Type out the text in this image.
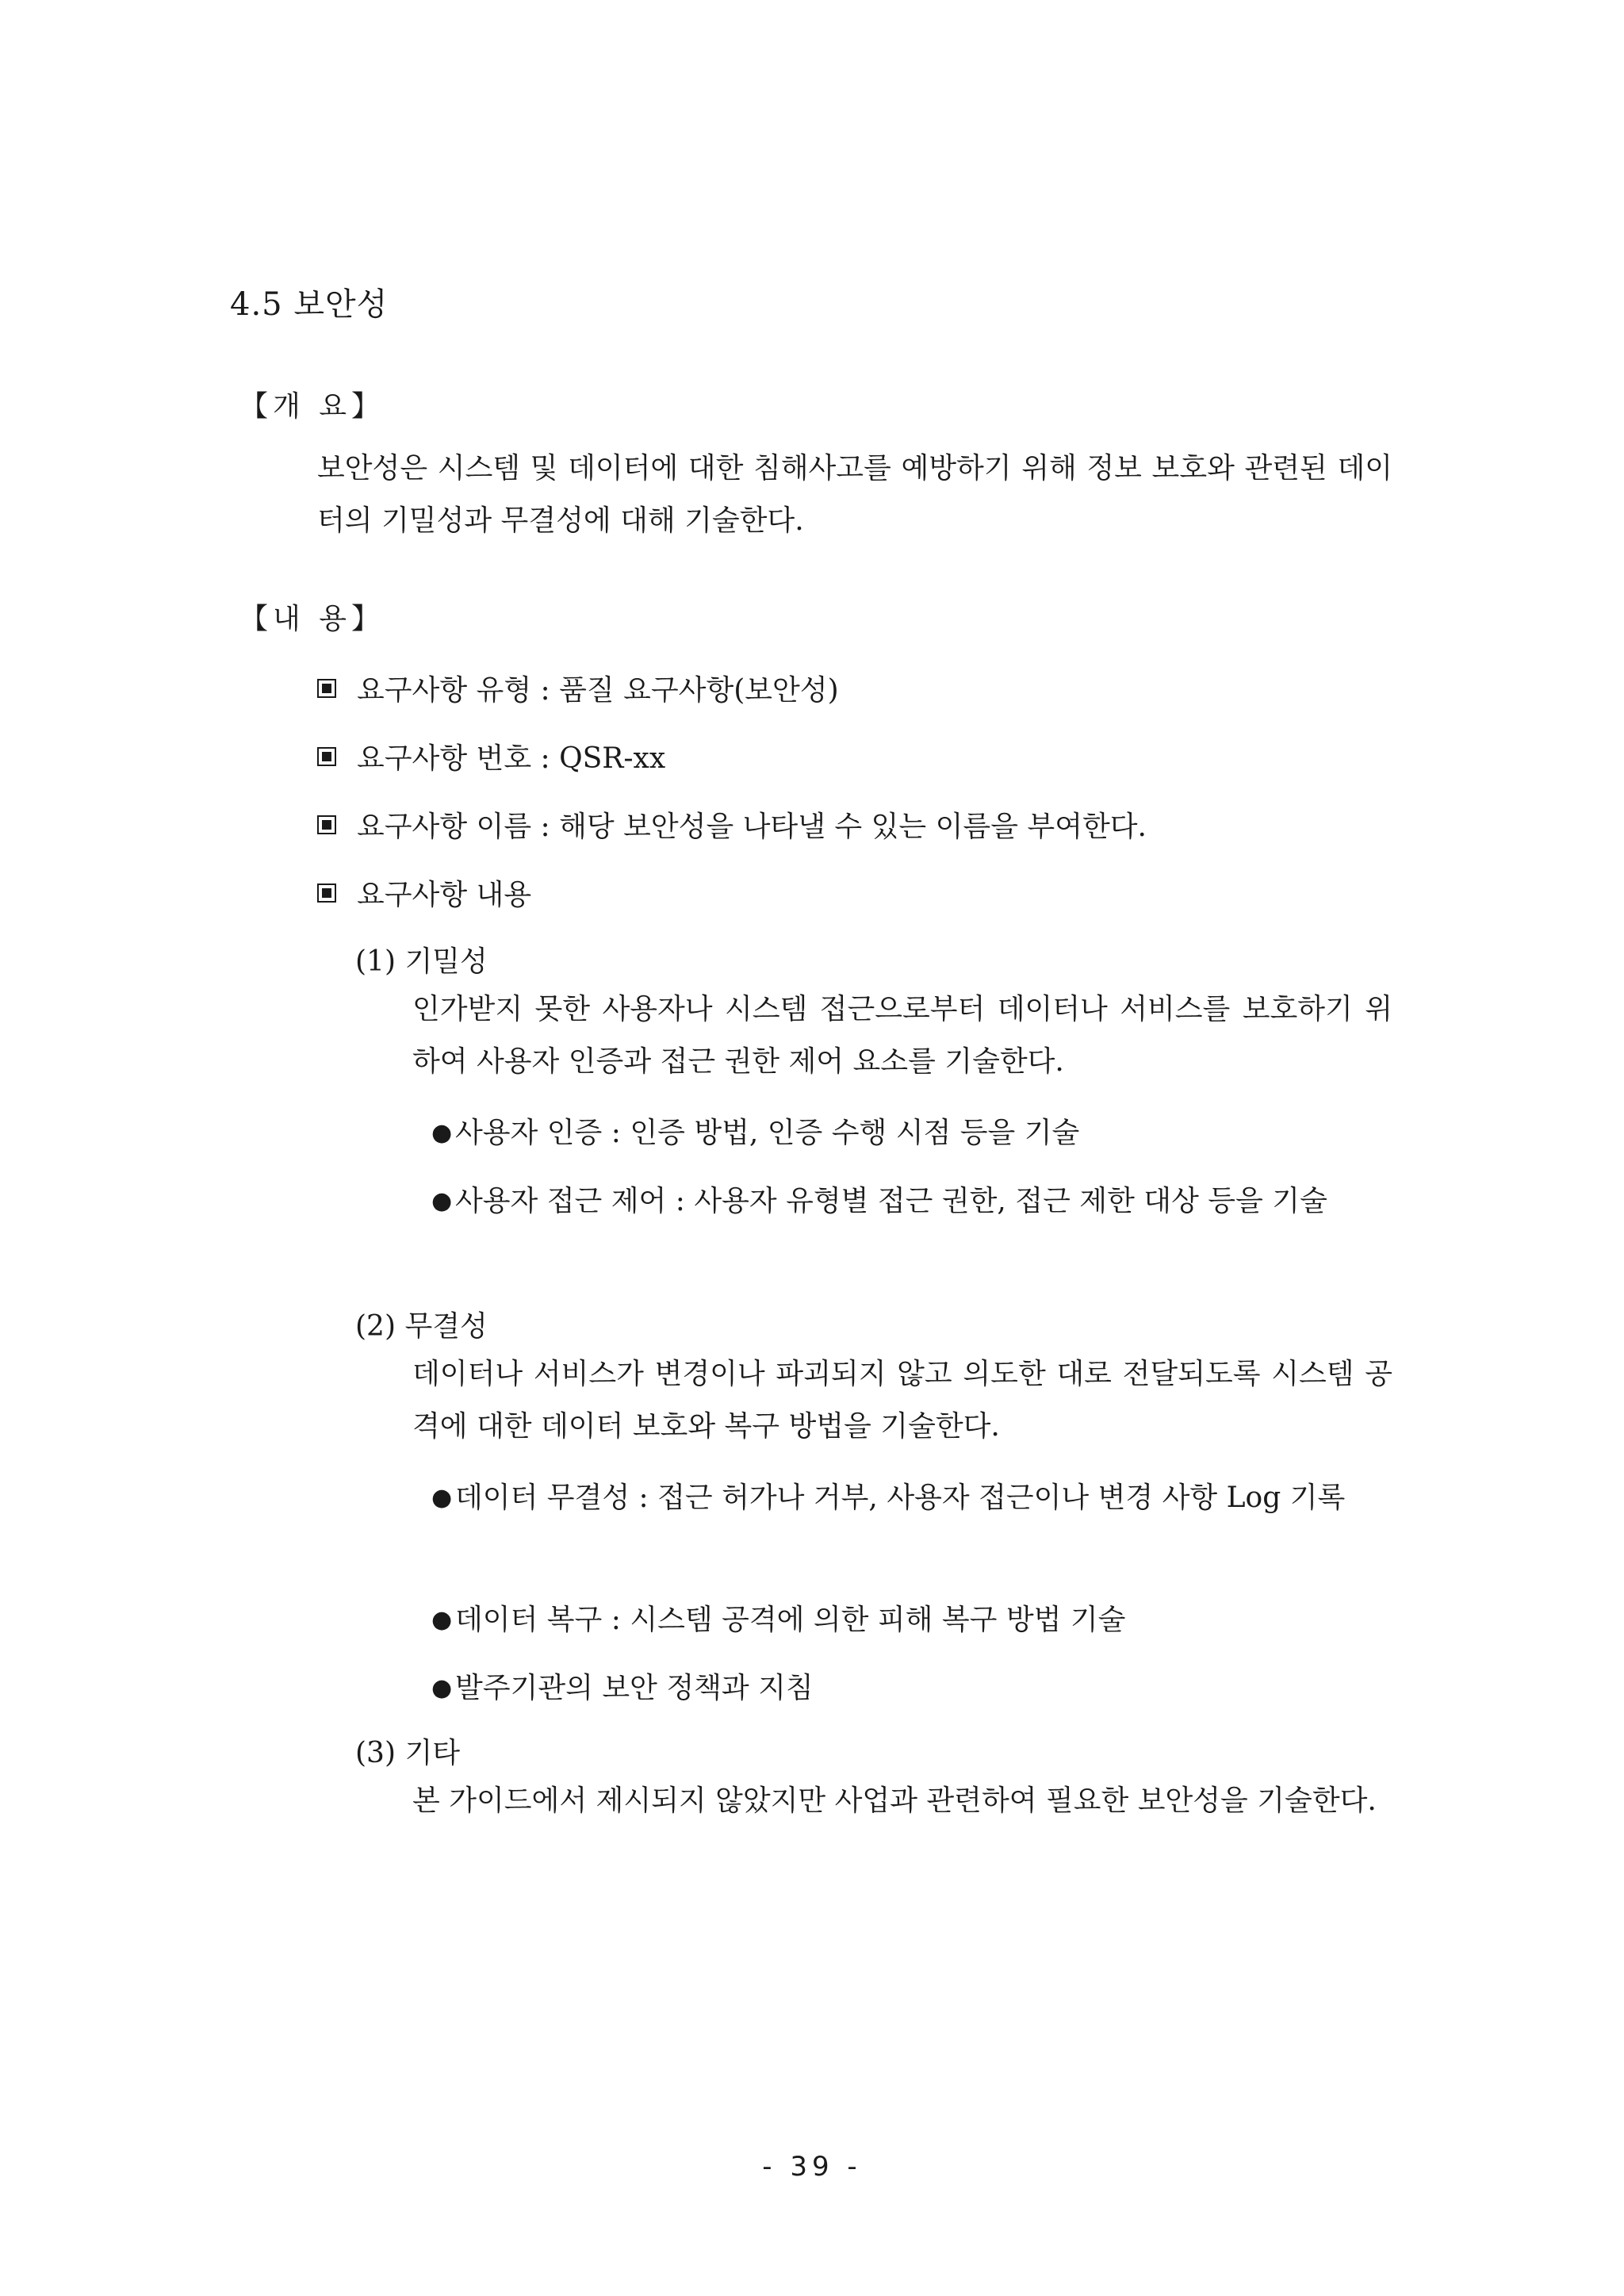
4.5 보안성
【개 요】

보안성은 시스템 및 데이터에 대한 침해사고를 예방하기 위해 정보 보호와 관련된 데이터의 기밀성과 무결성에 대해 기술한다.

【내 용】
요구사항 유형 : 품질 요구사항(보안성)
요구사항 번호 : QSR-xx
요구사항 이름 : 해당 보안성을 나타낼 수 있는 이름을 부여한다.
요구사항 내용

(1) 기밀성

인가받지 못한 사용자나 시스템 접근으로부터 데이터나 서비스를 보호하기 위하여 사용자 인증과 접근 권한 제어 요소를 기술한다.

● 사용자 인증 : 인증 방법, 인증 수행 시점 등을 기술
● 사용자 접근 제어 : 사용자 유형별 접근 권한, 접근 제한 대상 등을 기술

(2) 무결성

데이터나 서비스가 변경이나 파괴되지 않고 의도한 대로 전달되도록 시스템 공격에 대한 데이터 보호와 복구 방법을 기술한다.

● 데이터 무결성 : 접근 허가나 거부, 사용자 접근이나 변경 사항 Log 기록
● 데이터 복구 : 시스템 공격에 의한 피해 복구 방법 기술
● 발주기관의 보안 정책과 지침

(3) 기타

본 가이드에서 제시되지 않았지만 사업과 관련하여 필요한 보안성을 기술한다.

- 39 -
